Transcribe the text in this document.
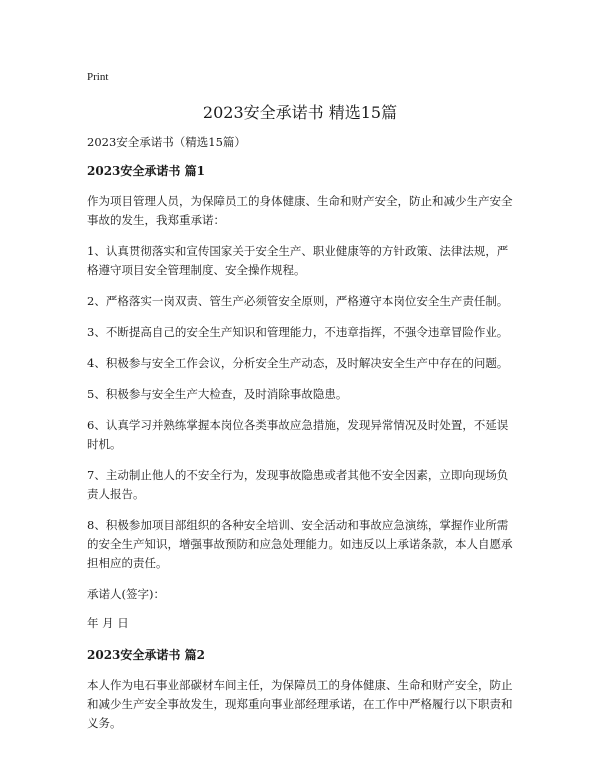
Print
2023安全承诺书 精选15篇

2023安全承诺书（精选15篇）

2023安全承诺书 篇1

作为项目管理人员，为保障员工的身体健康、生命和财产安全，防止和减少生产安全事故的发生，我郑重承诺：

1、认真贯彻落实和宣传国家关于安全生产、职业健康等的方针政策、法律法规，严格遵守项目安全管理制度、安全操作规程。

2、严格落实一岗双责、管生产必须管安全原则，严格遵守本岗位安全生产责任制。

3、不断提高自己的安全生产知识和管理能力，不违章指挥，不强令违章冒险作业。

4、积极参与安全工作会议，分析安全生产动态，及时解决安全生产中存在的问题。

5、积极参与安全生产大检查，及时消除事故隐患。

6、认真学习并熟练掌握本岗位各类事故应急措施，发现异常情况及时处置，不延误时机。

7、主动制止他人的不安全行为，发现事故隐患或者其他不安全因素，立即向现场负责人报告。

8、积极参加项目部组织的各种安全培训、安全活动和事故应急演练，掌握作业所需的安全生产知识，增强事故预防和应急处理能力。如违反以上承诺条款，本人自愿承担相应的责任。

承诺人(签字)：

年 月 日

2023安全承诺书 篇2

本人作为电石事业部碳材车间主任，为保障员工的身体健康、生命和财产安全，防止和减少生产安全事故发生，现郑重向事业部经理承诺，在工作中严格履行以下职责和义务。
